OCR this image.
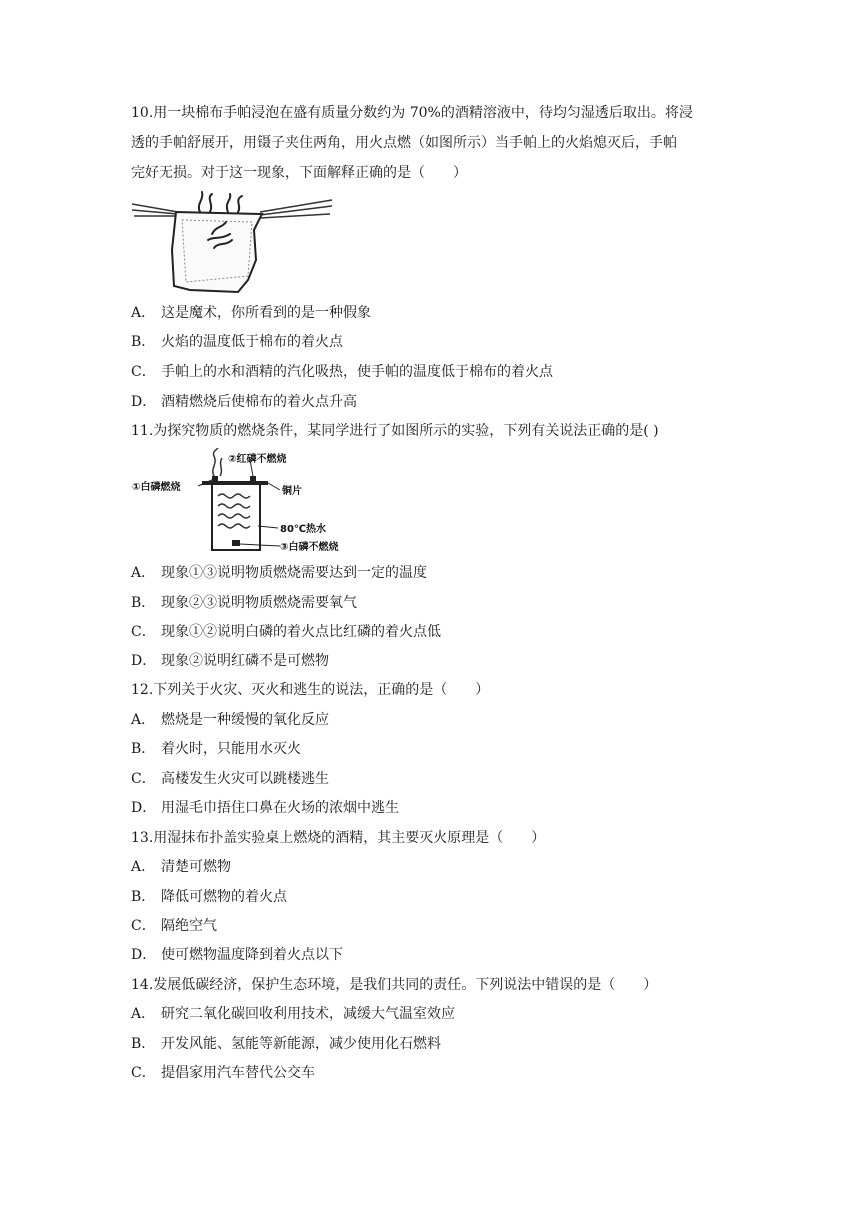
10.用一块棉布手帕浸泡在盛有质量分数约为 70%的酒精溶液中，待均匀湿透后取出。将浸
透的手帕舒展开，用镊子夹住两角，用火点燃（如图所示）当手帕上的火焰熄灭后，手帕
完好无损。对于这一现象，下面解释正确的是（　　）
A． 这是魔术，你所看到的是一种假象
B． 火焰的温度低于棉布的着火点
C． 手帕上的水和酒精的汽化吸热，使手帕的温度低于棉布的着火点
D． 酒精燃烧后使棉布的着火点升高
11.为探究物质的燃烧条件，某同学进行了如图所示的实验，下列有关说法正确的是( )
①白磷燃烧
②红磷不燃烧
铜片
80℃热水
③白磷不燃烧
A． 现象①③说明物质燃烧需要达到一定的温度
B． 现象②③说明物质燃烧需要氧气
C． 现象①②说明白磷的着火点比红磷的着火点低
D． 现象②说明红磷不是可燃物
12.下列关于火灾、灭火和逃生的说法，正确的是（　　）
A． 燃烧是一种缓慢的氧化反应
B． 着火时，只能用水灭火
C． 高楼发生火灾可以跳楼逃生
D． 用湿毛巾捂住口鼻在火场的浓烟中逃生
13.用湿抹布扑盖实验桌上燃烧的酒精，其主要灭火原理是（　　）
A． 清楚可燃物
B． 降低可燃物的着火点
C． 隔绝空气
D． 使可燃物温度降到着火点以下
14.发展低碳经济，保护生态环境，是我们共同的责任。下列说法中错误的是（　　）
A． 研究二氧化碳回收利用技术，减缓大气温室效应
B． 开发风能、氢能等新能源，减少使用化石燃料
C． 提倡家用汽车替代公交车
